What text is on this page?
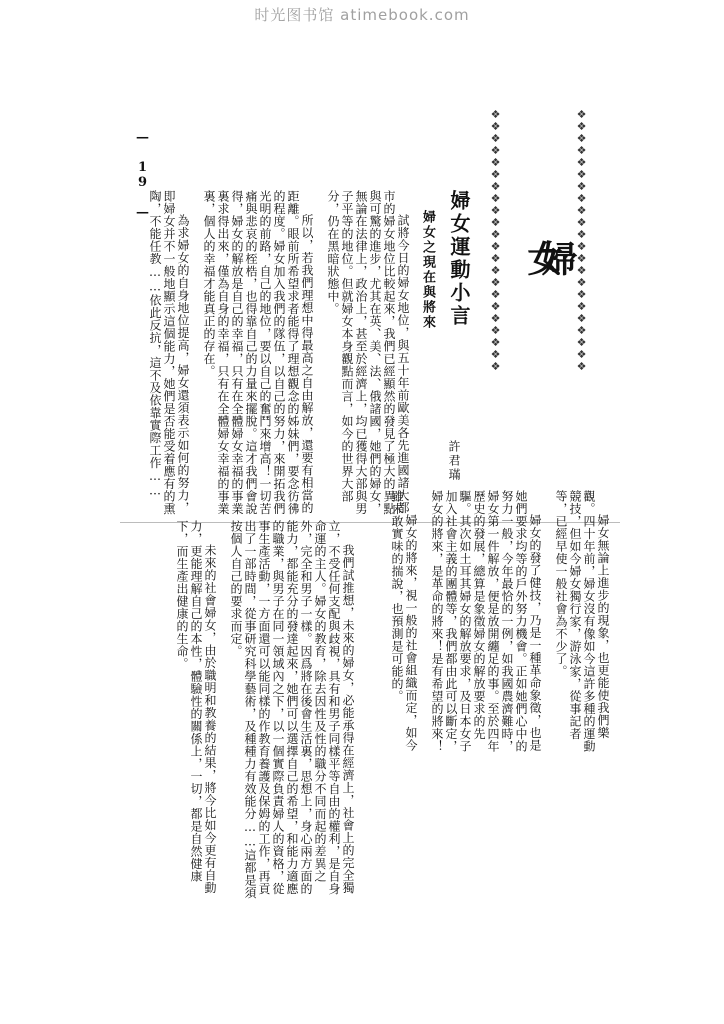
时光图书馆 atimebook.com
— 19 —	❖❖❖❖❖❖❖❖❖❖❖❖❖❖❖❖❖❖❖❖❖❖	❖❖❖❖❖❖❖❖❖❖❖❖❖❖❖❖❖❖❖❖❖❖
婦 女
婦女運動小言
許君璊
婦女之現在與將來

試將今日的婦女地位，與五十年前歐美各先進國諸大都市的婦女地位比較起來，我們已經顯然的發見了極大的異點與可驚的進步，尤其在英、美、法、俄諸國，她們的婦女，無論在法律上，政治上，甚至於經濟上，均已獲得大部與男子平等的地位。但就婦女本身觀點而言，如今的世界大部分，仍在黑暗狀態中。

所以，若我們理想中得最高之自由解放，還要有相當的距離。眼前所希望求者能得了理想觀念的姊妹們，要念彷彿的程度。婦女加入我們的隊伍，以自己的努力，來開拓我們光明的前路，自己的地位，要以自己的奮鬥來增高！一切苦痛與悲哀的桎梏，也得靠自己的力量來擺脫。這才我們會說得，婦女的解放是自己的幸福，只有在全體婦女幸福的事業裏求得出來，僅為自身的幸福，只有在全體婦女幸福的事業裏，個人的幸福才能真正的存在。

為求婦女的自身地位提高，婦女還須表示如何的努力，即婦女并不一般地顯示這個能力，她們是否能受着應有的熏陶，不能任教……依此反抗，這不及依靠實際工作……

婦女無論上進步的現象，也更能使我們樂觀。四十年前，婦女沒有像如今這許多種的運動競技，但如今婦女獨行家，游泳家，從事記者等，已經早使一般社會為不少了。

婦女的發了健技，乃是一種革命象徵，也是她們要求均等的戶外努力機會。正如她們心中的努力一般，今年最恰的一例，如我國農濟難時，婦女第一件解放，便是放開纏足的事。至於四年歷史的發展，總算是象徵婦女的解放要求的先驅。其次如土耳其婦女的解放要求，及日本女子加入社會主義的團體等，我們都由此可以斷定，婦女的將來，是革命的將來！是有希望的將來！

婦女的將來，視一般的社會組織而定，如今雖未敢實味的揣說，也預測是可能的。

我們試推想，未來的婦女，必能承得在經濟上，社會上的完全獨立，不受任何支配與歧視，具有和男子同樣平等自由的權利，是自身命運的主人。婦女的教育，除去因性及性的職分不同而起的差異之外，完全和男子一樣。因爲將在後會生活裏，思想上，身心兩方面的能力，都能充分的發達起來，她們可以選擇自己的希望，和能力適應的職業，與男子在同一領域內之下，以一個實際負責婦人的資格，從事生產活動，一方面還可以能同樣的作教育養護及保姆的工作，再貢出了一部時間，從事研究科學藝術，及種種力有效能分……這都是須按個人自己的要求而定。

未來的社會婦女，由於職明和教養的結果，將今比如今更有自動力，更能理解自己的本性，體驗性的關係上，一切，都是自然健康下，而生產出健康的生命。
